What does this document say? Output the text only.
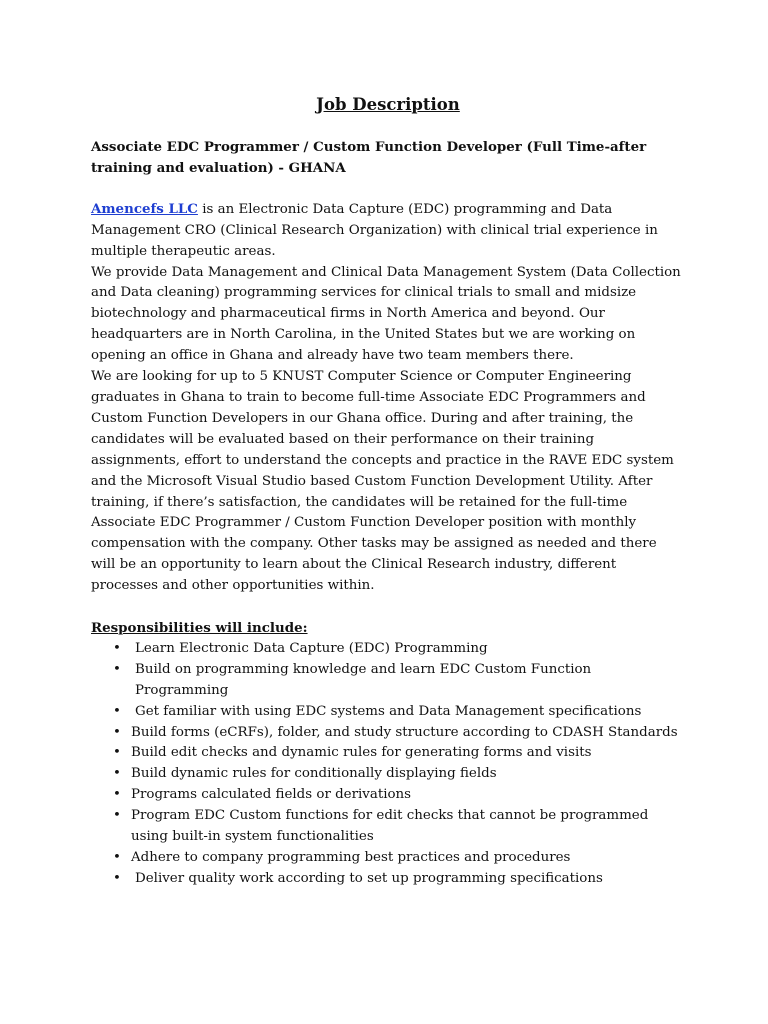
Job Description
Associate EDC Programmer / Custom Function Developer (Full Time-after training and evaluation) - GHANA

Amencefs LLC is an Electronic Data Capture (EDC) programming and Data Management CRO (Clinical Research Organization) with clinical trial experience in multiple therapeutic areas.

We provide Data Management and Clinical Data Management System (Data Collection and Data cleaning) programming services for clinical trials to small and midsize biotechnology and pharmaceutical firms in North America and beyond. Our headquarters are in North Carolina, in the United States but we are working on opening an office in Ghana and already have two team members there.

We are looking for up to 5 KNUST Computer Science or Computer Engineering graduates in Ghana to train to become full-time Associate EDC Programmers and Custom Function Developers in our Ghana office. During and after training, the candidates will be evaluated based on their performance on their training assignments, effort to understand the concepts and practice in the RAVE EDC system and the Microsoft Visual Studio based Custom Function Development Utility. After training, if there’s satisfaction, the candidates will be retained for the full-time Associate EDC Programmer / Custom Function Developer position with monthly compensation with the company. Other tasks may be assigned as needed and there will be an opportunity to learn about the Clinical Research industry, different processes and other opportunities within.

Responsibilities will include:
• Learn Electronic Data Capture (EDC) Programming
• Build on programming knowledge and learn EDC Custom Function Programming
• Get familiar with using EDC systems and Data Management specifications
• Build forms (eCRFs), folder, and study structure according to CDASH Standards
• Build edit checks and dynamic rules for generating forms and visits
• Build dynamic rules for conditionally displaying fields
• Programs calculated fields or derivations
• Program EDC Custom functions for edit checks that cannot be programmed using built-in system functionalities
• Adhere to company programming best practices and procedures
• Deliver quality work according to set up programming specifications
